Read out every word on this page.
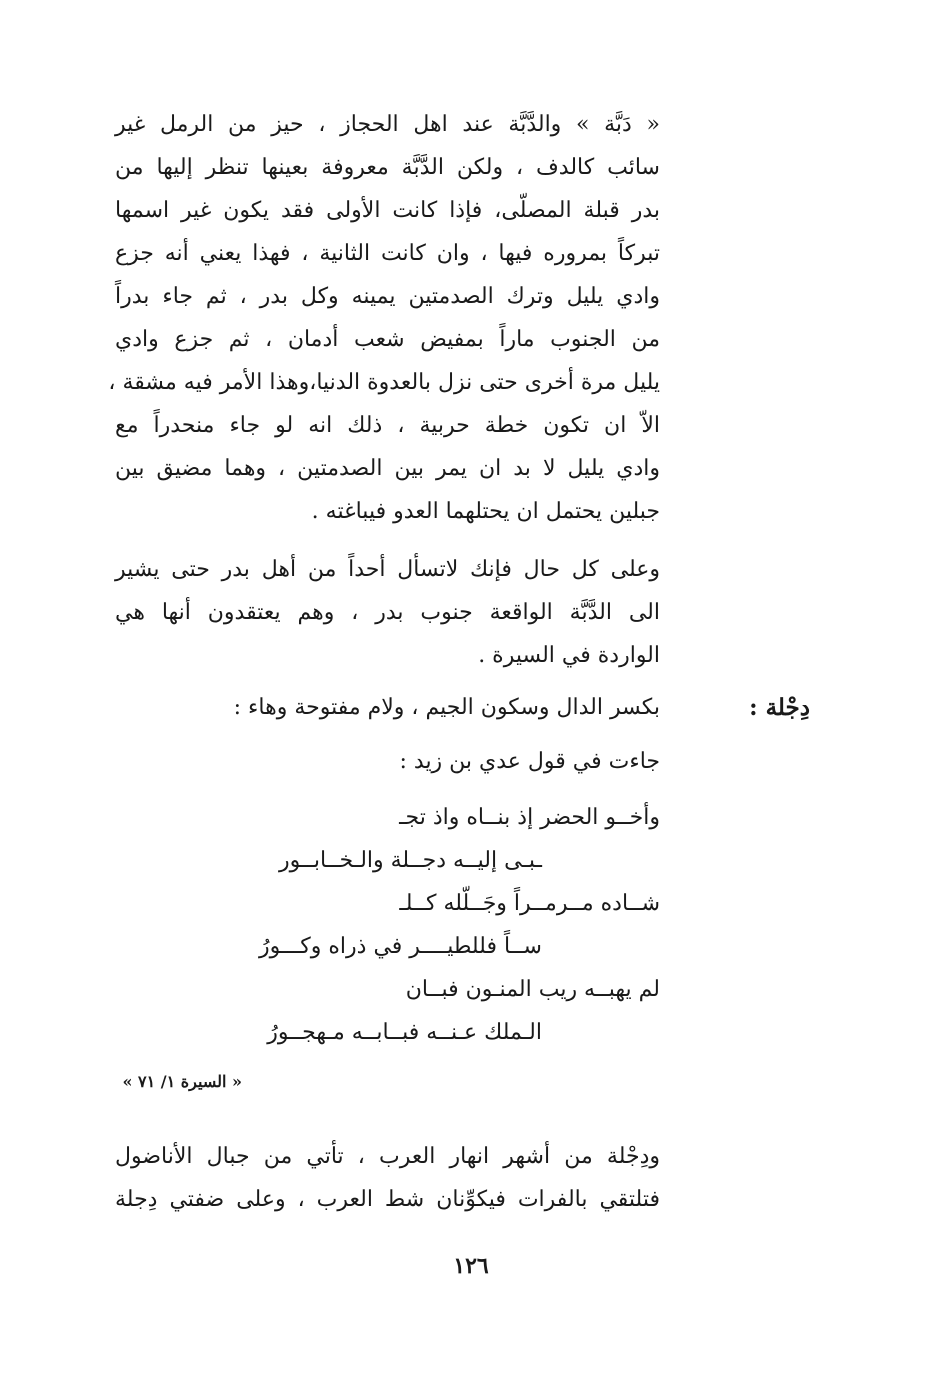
« دَبَّة » والدَّبَّة عند اهل الحجاز ، حيز من الرمل غير
سائب كالدف ، ولكن الدَّبَّة معروفة بعينها تنظر إليها من
بدر قبلة المصلّى، فإذا كانت الأولى فقد يكون غير اسمها
تبركاً بمروره فيها ، وان كانت الثانية ، فهذا يعني أنه جزع
وادي يليل وترك الصدمتين يمينه وكل بدر ، ثم جاء بدراً
من الجنوب ماراً بمفيض شعب أدمان ، ثم جزع وادي
يليل مرة أخرى حتى نزل بالعدوة الدنيا،وهذا الأمر فيه مشقة ،
الاّ ان تكون خطة حربية ، ذلك انه لو جاء منحدراً مع
وادي يليل لا بد ان يمر بين الصدمتين ، وهما مضيق بين
جبلين يحتمل ان يحتلهما العدو فيباغته .
وعلى كل حال فإنك لاتسأل أحداً من أهل بدر حتى يشير
الى الدَّبَّة الواقعة جنوب بدر ، وهم يعتقدون أنها هي
الواردة في السيرة .
دِجْلة :
بكسر الدال وسكون الجيم ، ولام مفتوحة وهاء :
جاءت في قول عدي بن زيد :
وأخــو الحضر إذ بنــاه واذ تجـ
ـبـى إليــه دجــلة والـخــابــور
شــاده مــرمــراً وجَــلّله كــلـ
ســاً فللطيــــر في ذراه وكـــورُ
لم يهبــه ريب المنـون فبــان
الـملك عـنــه فبــابــه مـهجــورُ
« السيرة ١/ ٧١ »
ودِجْلة من أشهر انهار العرب ، تأتي من جبال الأناضول
فتلتقي بالفرات فيكوِّنان شط العرب ، وعلى ضفتي دِجلة
١٢٦
